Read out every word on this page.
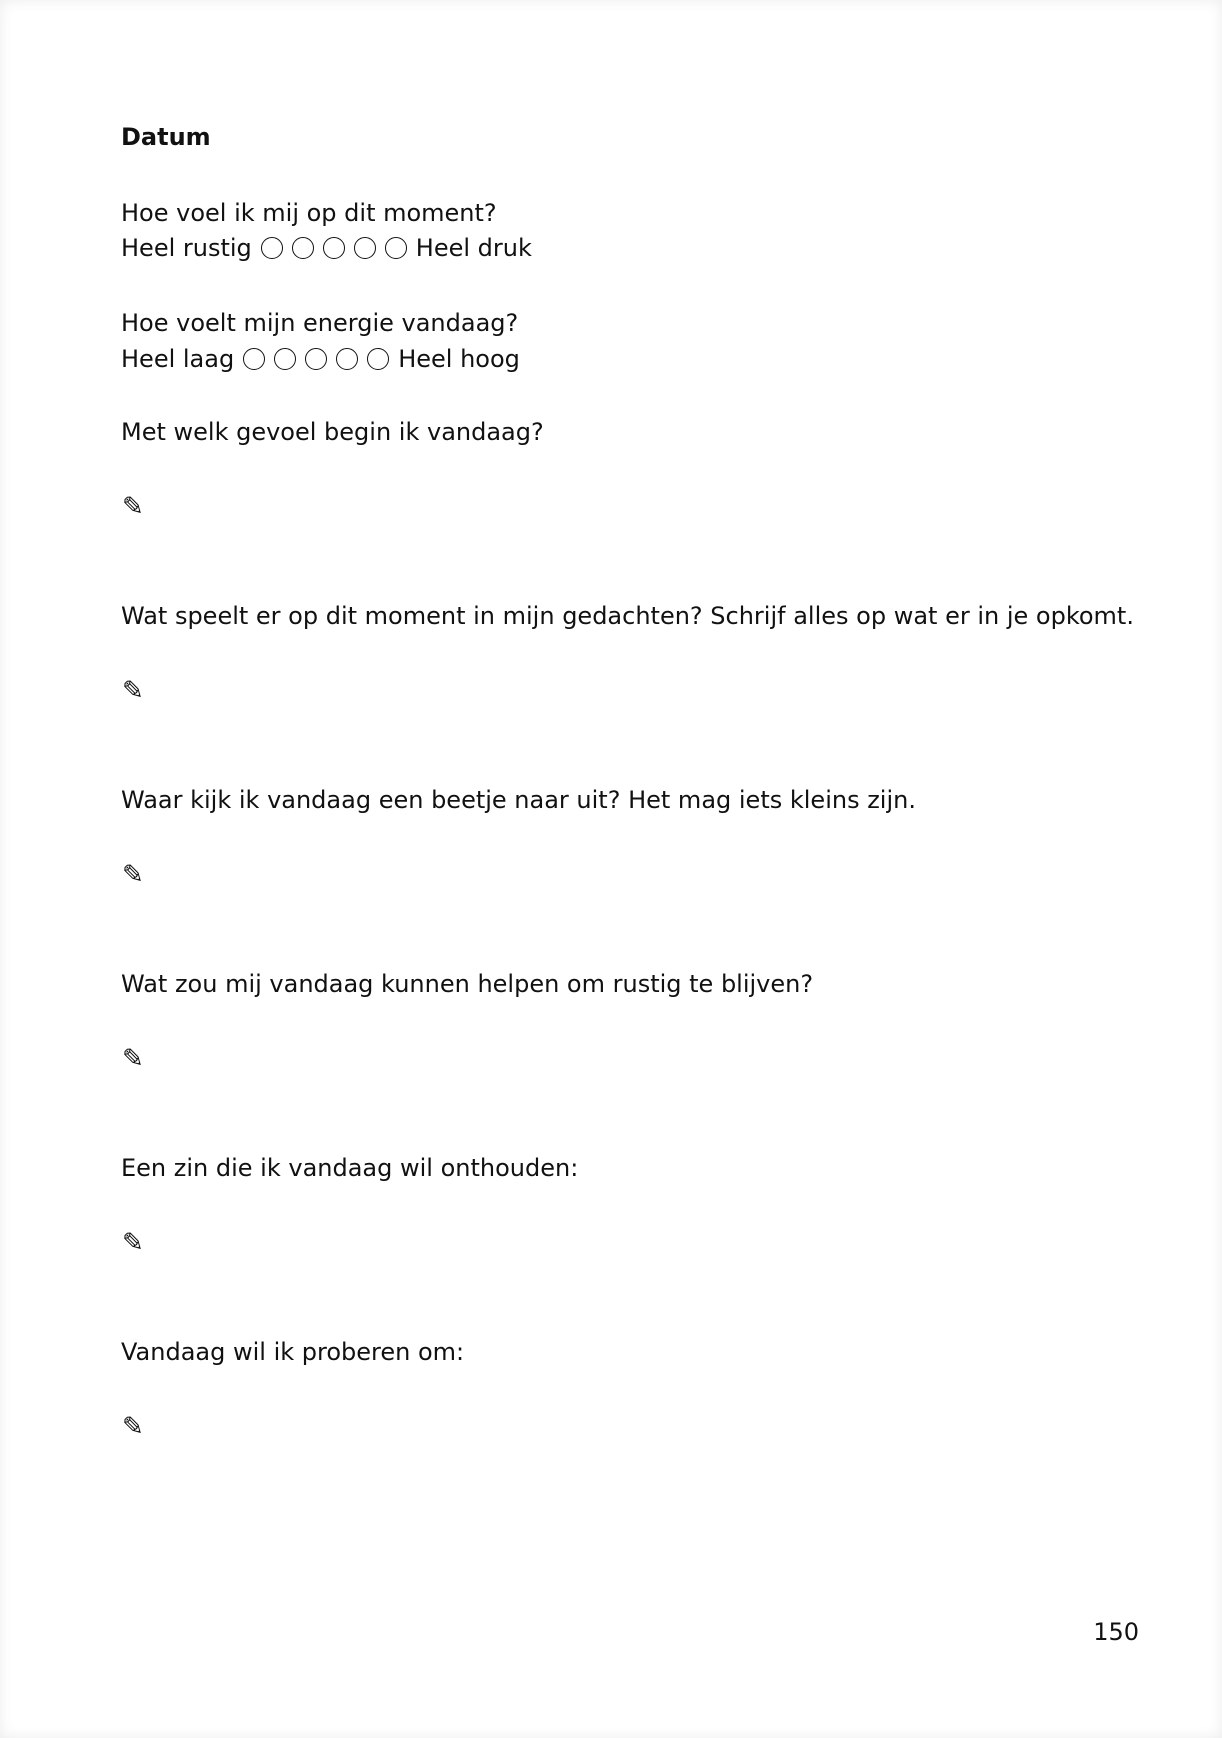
Datum
Hoe voel ik mij op dit moment?
Heel rustig	Heel druk
Hoe voelt mijn energie vandaag?
Heel laag	Heel hoog
Met welk gevoel begin ik vandaag?
✎
Wat speelt er op dit moment in mijn gedachten? Schrijf alles op wat er in je opkomt.
✎
Waar kijk ik vandaag een beetje naar uit? Het mag iets kleins zijn.
✎
Wat zou mij vandaag kunnen helpen om rustig te blijven?
✎
Een zin die ik vandaag wil onthouden:
✎
Vandaag wil ik proberen om:
✎
150
